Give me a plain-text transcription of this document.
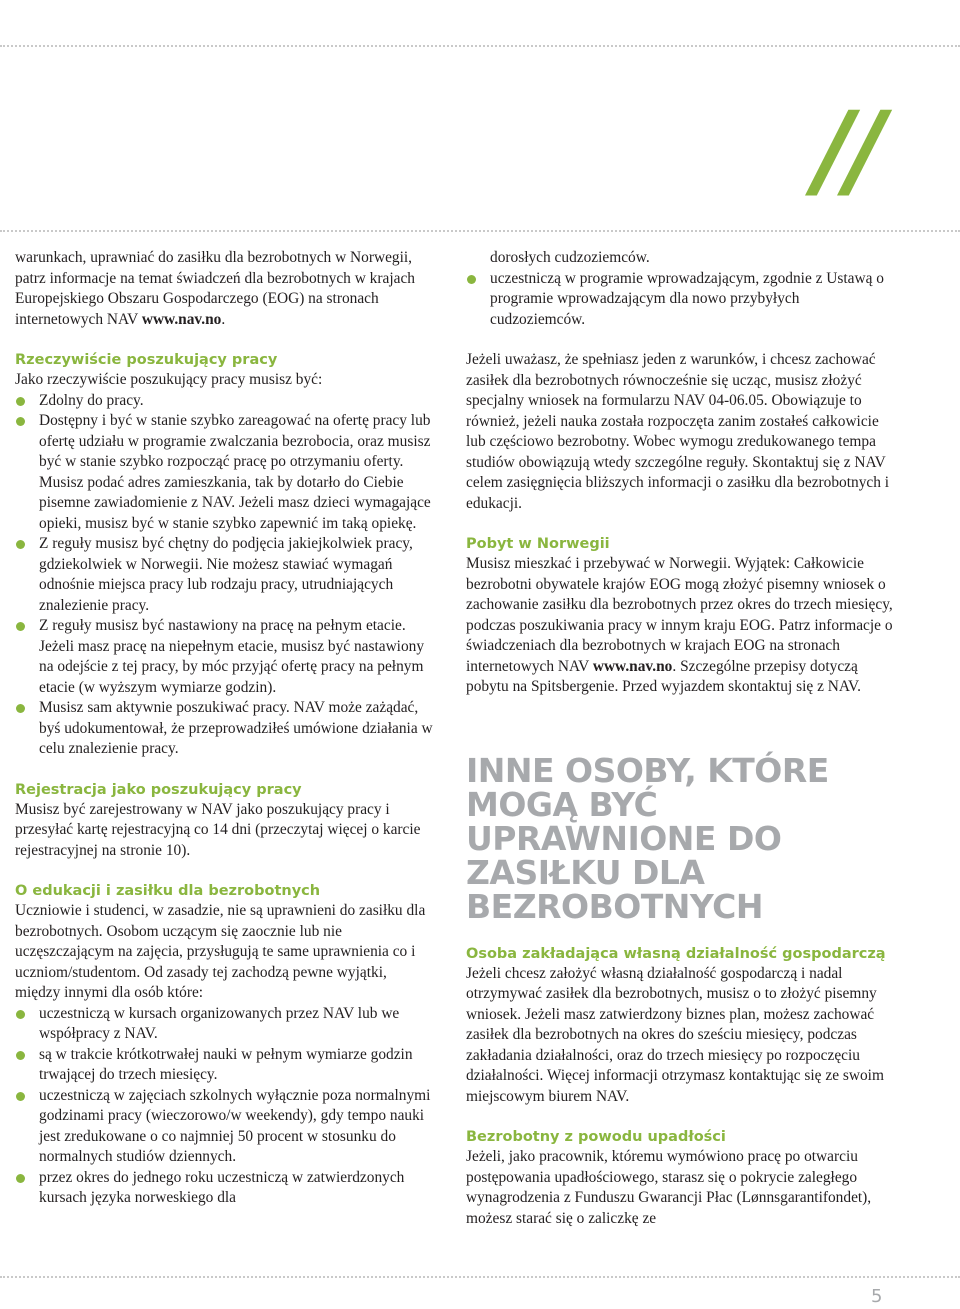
//

warunkach, uprawniać do zasiłku dla bezrobotnych w Norwegii, patrz informacje na temat świadczeń dla bezrobotnych w krajach Europejskiego Obszaru Gospodarczego (EOG) na stronach internetowych NAV www.nav.no.

Rzeczywiście poszukujący pracy

Jako rzeczywiście poszukujący pracy musisz być:

Zdolny do pracy.
Dostępny i być w stanie szybko zareagować na ofertę pracy lub ofertę udziału w programie zwalczania bezrobocia, oraz musisz być w stanie szybko rozpocząć pracę po otrzymaniu oferty. Musisz podać adres zamieszkania, tak by dotarło do Ciebie pisemne zawiadomienie z NAV. Jeżeli masz dzieci wymagające opieki, musisz być w stanie szybko zapewnić im taką opiekę.
Z reguły musisz być chętny do podjęcia jakiejkolwiek pracy, gdziekolwiek w Norwegii. Nie możesz stawiać wymagań odnośnie miejsca pracy lub rodzaju pracy, utrudniających znalezienie pracy.
Z reguły musisz być nastawiony na pracę na pełnym etacie. Jeżeli masz pracę na niepełnym etacie, musisz być nastawiony na odejście z tej pracy, by móc przyjąć ofertę pracy na pełnym etacie (w wyższym wymiarze godzin).
Musisz sam aktywnie poszukiwać pracy. NAV może zażądać, byś udokumentował, że przeprowadziłeś umówione działania w celu znalezienie pracy.
Rejestracja jako poszukujący pracy

Musisz być zarejestrowany w NAV jako poszukujący pracy i przesyłać kartę rejestracyjną co 14 dni (przeczytaj więcej o karcie rejestracyjnej na stronie 10).

O edukacji i zasiłku dla bezrobotnych

Uczniowie i studenci, w zasadzie, nie są uprawnieni do zasiłku dla bezrobotnych. Osobom uczącym się zaocznie lub nie uczęszczającym na zajęcia, przysługują te same uprawnienia co i uczniom/studentom. Od zasady tej zachodzą pewne wyjątki, między innymi dla osób które:

uczestniczą w kursach organizowanych przez NAV lub we współpracy z NAV.
są w trakcie krótkotrwałej nauki w pełnym wymiarze godzin trwającej do trzech miesięcy.
uczestniczą w zajęciach szkolnych wyłącznie poza normalnymi godzinami pracy (wieczorowo/w weekendy), gdy tempo nauki jest zredukowane o co najmniej 50 procent w stosunku do normalnych studiów dziennych.
przez okres do jednego roku uczestniczą w zatwierdzonych kursach języka norweskiego dla

dorosłych cudzoziemców.

uczestniczą w programie wprowadzającym, zgodnie z Ustawą o programie wprowadzającym dla nowo przybyłych cudzoziemców.

Jeżeli uważasz, że spełniasz jeden z warunków, i chcesz zachować zasiłek dla bezrobotnych równocześnie się ucząc, musisz złożyć specjalny wniosek na formularzu NAV 04-06.05. Obowiązuje to również, jeżeli nauka została rozpoczęta zanim zostałeś całkowicie lub częściowo bezrobotny. Wobec wymogu zredukowanego tempa studiów obowiązują wtedy szczególne reguły. Skontaktuj się z NAV celem zasięgnięcia bliższych informacji o zasiłku dla bezrobotnych i edukacji.

Pobyt w Norwegii

Musisz mieszkać i przebywać w Norwegii. Wyjątek: Całkowicie bezrobotni obywatele krajów EOG mogą złożyć pisemny wniosek o zachowanie zasiłku dla bezrobotnych przez okres do trzech miesięcy, podczas poszukiwania pracy w innym kraju EOG. Patrz informacje o świadczeniach dla bezrobotnych w krajach EOG na stronach internetowych NAV www.nav.no. Szczególne przepisy dotyczą pobytu na Spitsbergenie. Przed wyjazdem skontaktuj się z NAV.

INNE OSOBY, KTÓRE MOGĄ BYĆ UPRAWNIONE DO ZASIŁKU DLA BEZROBOTNYCH
Osoba zakładająca własną działalność gospodarczą

Jeżeli chcesz założyć własną działalność gospodarczą i nadal otrzymywać zasiłek dla bezrobotnych, musisz o to złożyć pisemny wniosek. Jeżeli masz zatwierdzony biznes plan, możesz zachować zasiłek dla bezrobotnych na okres do sześciu miesięcy, podczas zakładania działalności, oraz do trzech miesięcy po rozpoczęciu działalności. Więcej informacji otrzymasz kontaktując się ze swoim miejscowym biurem NAV.

Bezrobotny z powodu upadłości

Jeżeli, jako pracownik, któremu wymówiono pracę po otwarciu postępowania upadłościowego, starasz się o pokrycie zaległego wynagrodzenia z Funduszu Gwarancji Płac (Lønnsgarantifondet), możesz starać się o zaliczkę ze

5
